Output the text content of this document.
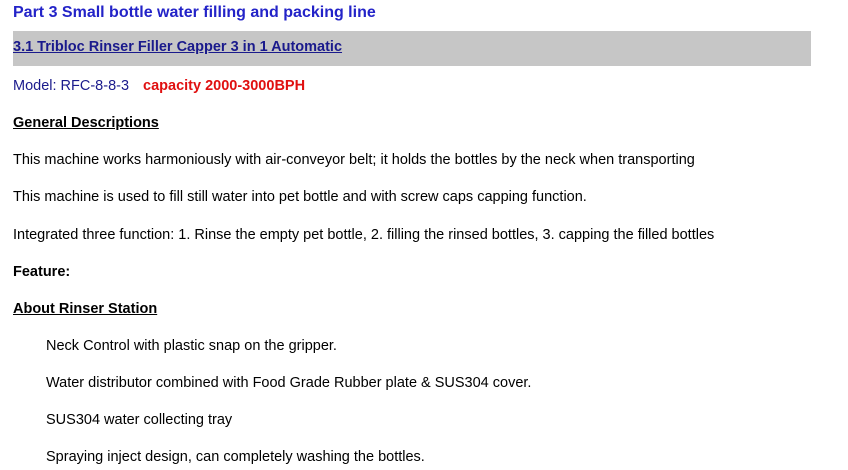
Part 3 Small bottle water filling and packing line
3.1 Tribloc Rinser Filler Capper 3 in 1 Automatic
Model: RFC-8-8-3 capacity 2000-3000BPH
General Descriptions
This machine works harmoniously with air-conveyor belt; it holds the bottles by the neck when transporting
This machine is used to fill still water into pet bottle and with screw caps capping function.
Integrated three function: 1. Rinse the empty pet bottle, 2. filling the rinsed bottles, 3. capping the filled bottles
Feature:
About Rinser Station
Neck Control with plastic snap on the gripper.
Water distributor combined with Food Grade Rubber plate & SUS304 cover.
SUS304 water collecting tray
Spraying inject design, can completely washing the bottles.
